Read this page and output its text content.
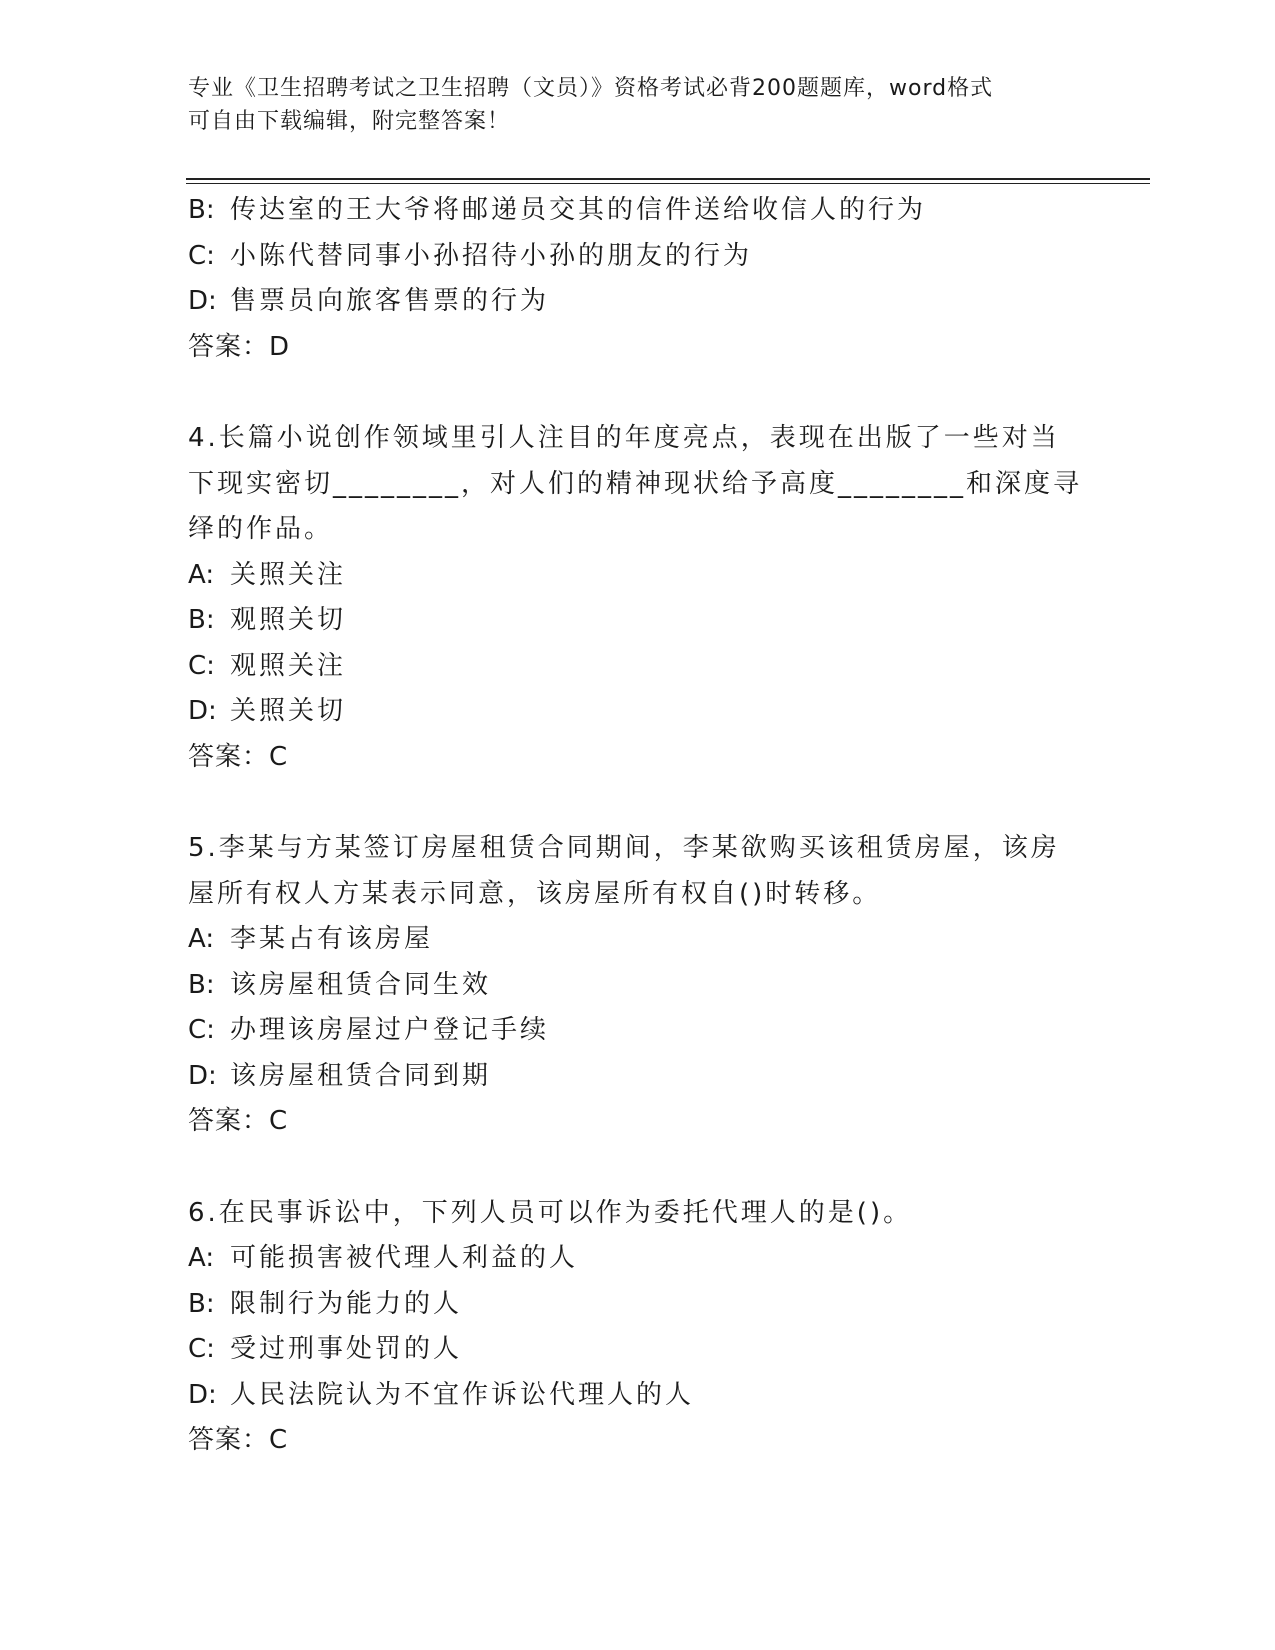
专业《卫生招聘考试之卫生招聘（文员）》资格考试必背200题题库，word格式
可自由下载编辑，附完整答案！
B: 传达室的王大爷将邮递员交其的信件送给收信人的行为
C: 小陈代替同事小孙招待小孙的朋友的行为
D: 售票员向旅客售票的行为
答案：D
4.长篇小说创作领域里引人注目的年度亮点，表现在出版了一些对当
下现实密切________，对人们的精神现状给予高度________和深度寻
绎的作品。
A: 关照关注
B: 观照关切
C: 观照关注
D: 关照关切
答案：C
5.李某与方某签订房屋租赁合同期间，李某欲购买该租赁房屋，该房
屋所有权人方某表示同意，该房屋所有权自()时转移。
A: 李某占有该房屋
B: 该房屋租赁合同生效
C: 办理该房屋过户登记手续
D: 该房屋租赁合同到期
答案：C
6.在民事诉讼中，下列人员可以作为委托代理人的是()。
A: 可能损害被代理人利益的人
B: 限制行为能力的人
C: 受过刑事处罚的人
D: 人民法院认为不宜作诉讼代理人的人
答案：C
